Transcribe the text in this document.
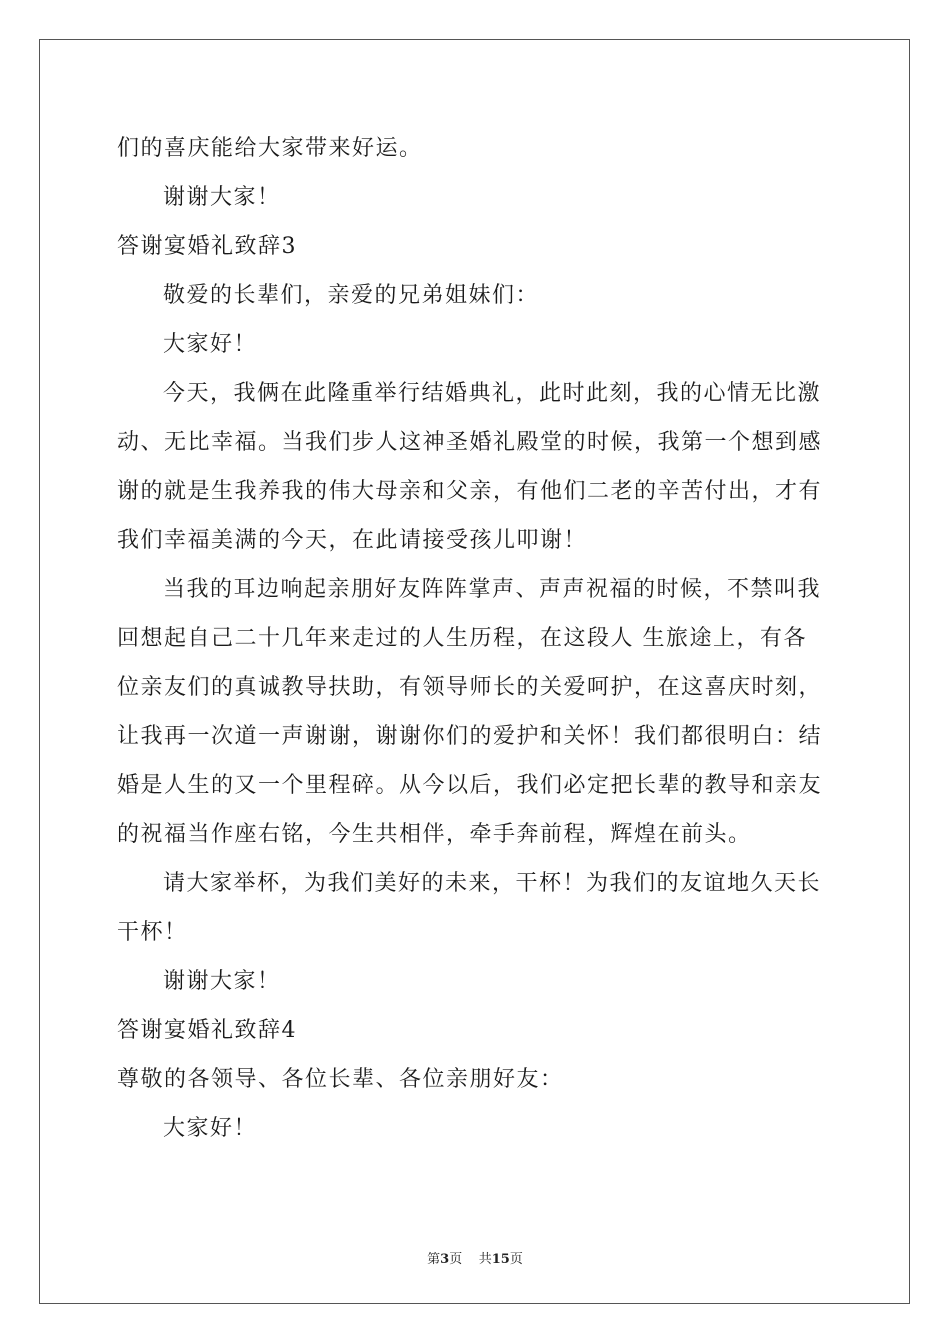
们的喜庆能给大家带来好运。
谢谢大家！
答谢宴婚礼致辞3
敬爱的长辈们，亲爱的兄弟姐妹们：
大家好！
今天，我俩在此隆重举行结婚典礼，此时此刻，我的心情无比激
动、无比幸福。当我们步人这神圣婚礼殿堂的时候，我第一个想到感
谢的就是生我养我的伟大母亲和父亲，有他们二老的辛苦付出，才有
我们幸福美满的今天，在此请接受孩儿叩谢！
当我的耳边响起亲朋好友阵阵掌声、声声祝福的时候，不禁叫我
回想起自己二十几年来走过的人生历程，在这段人 生旅途上，有各
位亲友们的真诚教导扶助，有领导师长的关爱呵护，在这喜庆时刻，
让我再一次道一声谢谢，谢谢你们的爱护和关怀！我们都很明白：结
婚是人生的又一个里程碎。从今以后，我们必定把长辈的教导和亲友
的祝福当作座右铭，今生共相伴，牵手奔前程，辉煌在前头。
请大家举杯，为我们美好的未来，干杯！为我们的友谊地久天长
干杯！
谢谢大家！
答谢宴婚礼致辞4
尊敬的各领导、各位长辈、各位亲朋好友：
大家好！
第3页 共15页
